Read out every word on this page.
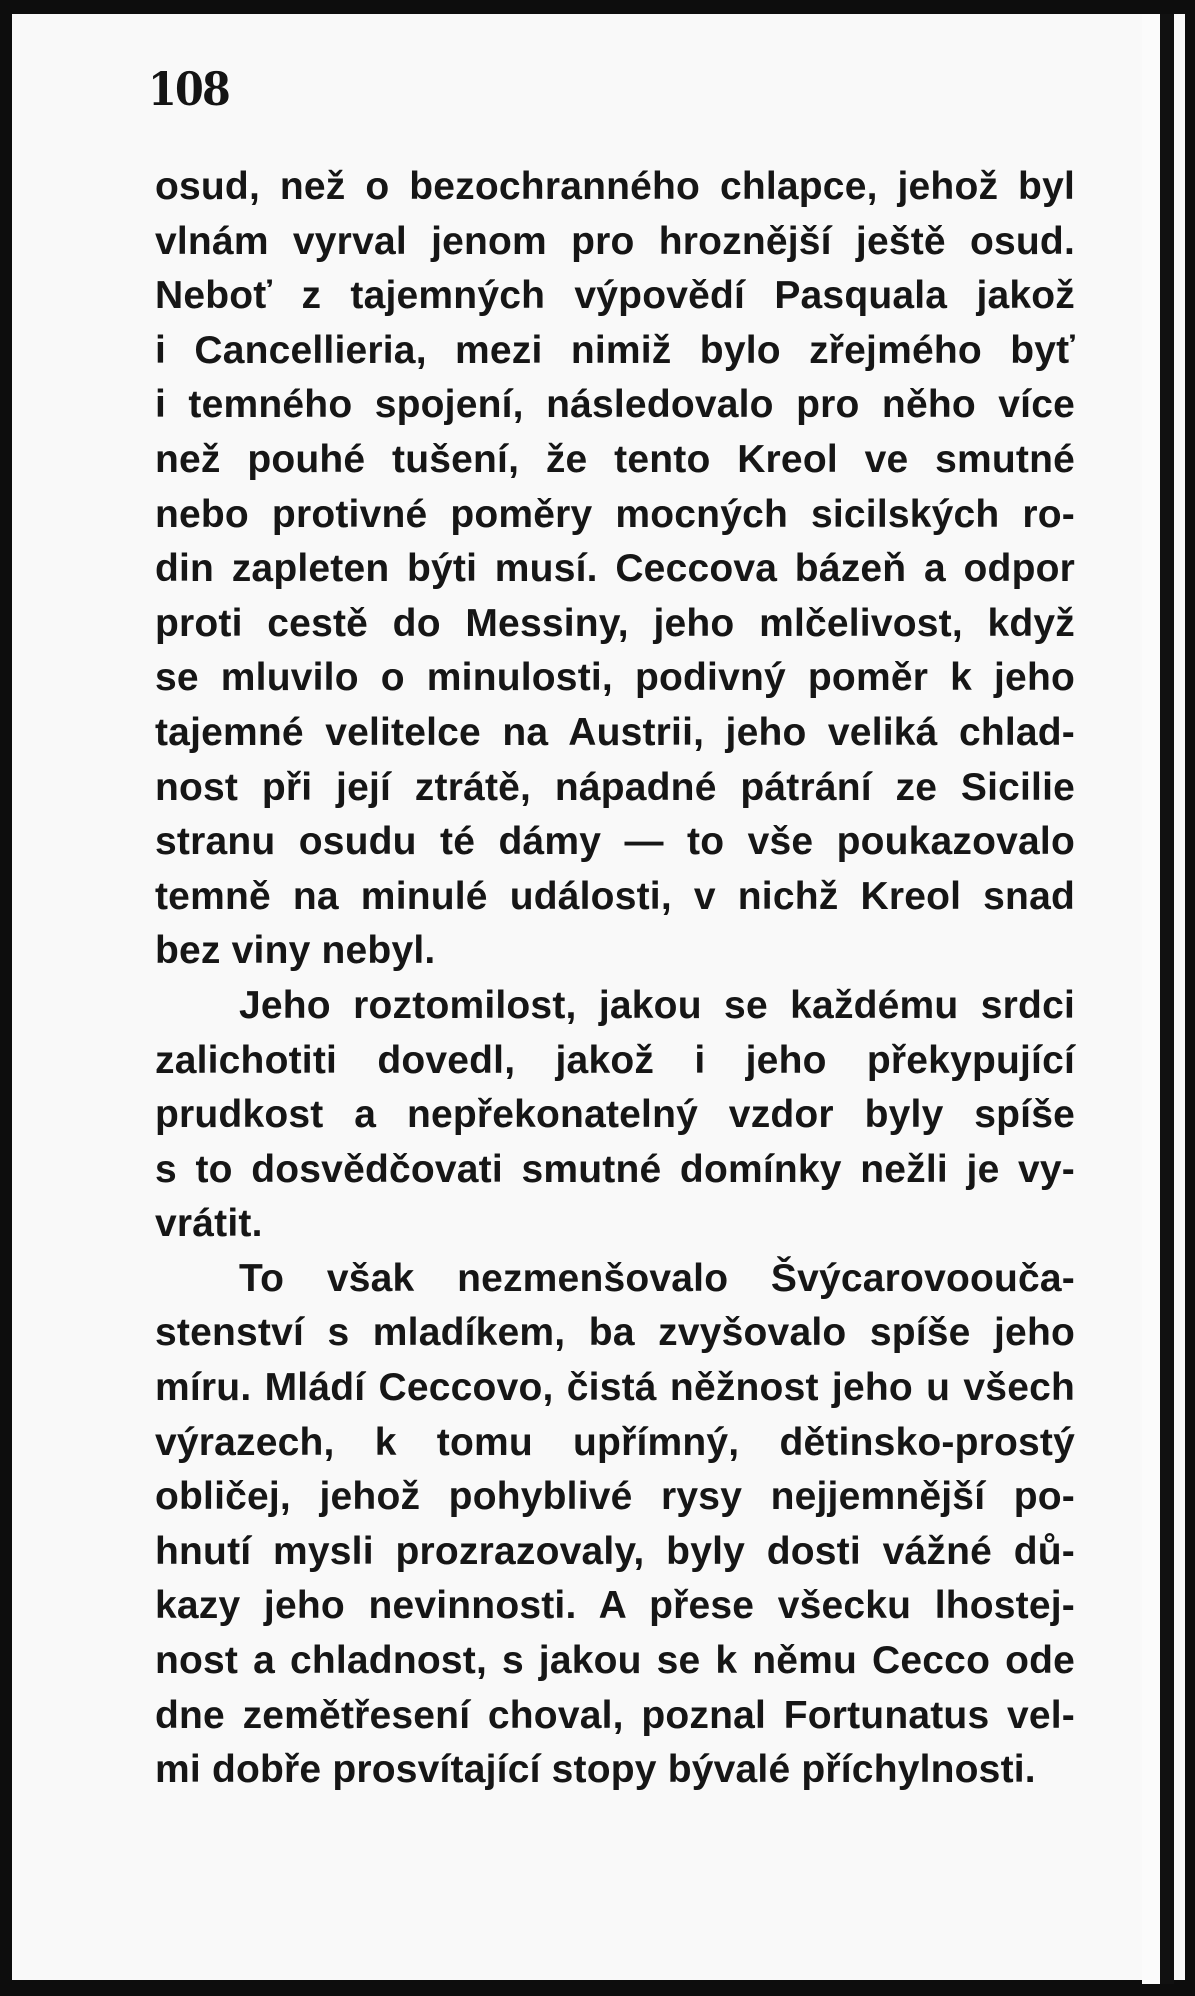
108
osud, než o bezochranného chlapce, jehož byl
vlnám vyrval jenom pro hroznější ještě osud.
Neboť z tajemných výpovědí Pasquala jakož
i Cancellieria, mezi nimiž bylo zřejmého byť
i temného spojení, následovalo pro něho více
než pouhé tušení, že tento Kreol ve smutné
nebo protivné poměry mocných sicilských ro-
din zapleten býti musí. Ceccova bázeň a odpor
proti cestě do Messiny, jeho mlčelivost, když
se mluvilo o minulosti, podivný poměr k jeho
tajemné velitelce na Austrii, jeho veliká chlad-
nost při její ztrátě, nápadné pátrání ze Sicilie
stranu osudu té dámy — to vše poukazovalo
temně na minulé události, v nichž Kreol snad
bez viny nebyl.
Jeho roztomilost, jakou se každému srdci
zalichotiti dovedl, jakož i jeho překypující
prudkost a nepřekonatelný vzdor byly spíše
s to dosvědčovati smutné domínky nežli je vy-
vrátit.
To však nezmenšovalo Švýcarovoouča-
stenství s mladíkem, ba zvyšovalo spíše jeho
míru. Mládí Ceccovo, čistá něžnost jeho u všech
výrazech, k tomu upřímný, dětinsko-prostý
obličej, jehož pohyblivé rysy nejjemnější po-
hnutí mysli prozrazovaly, byly dosti vážné dů-
kazy jeho nevinnosti. A přese všecku lhostej-
nost a chladnost, s jakou se k němu Cecco ode
dne zemětřesení choval, poznal Fortunatus vel-
mi dobře prosvítající stopy bývalé příchylnosti.
